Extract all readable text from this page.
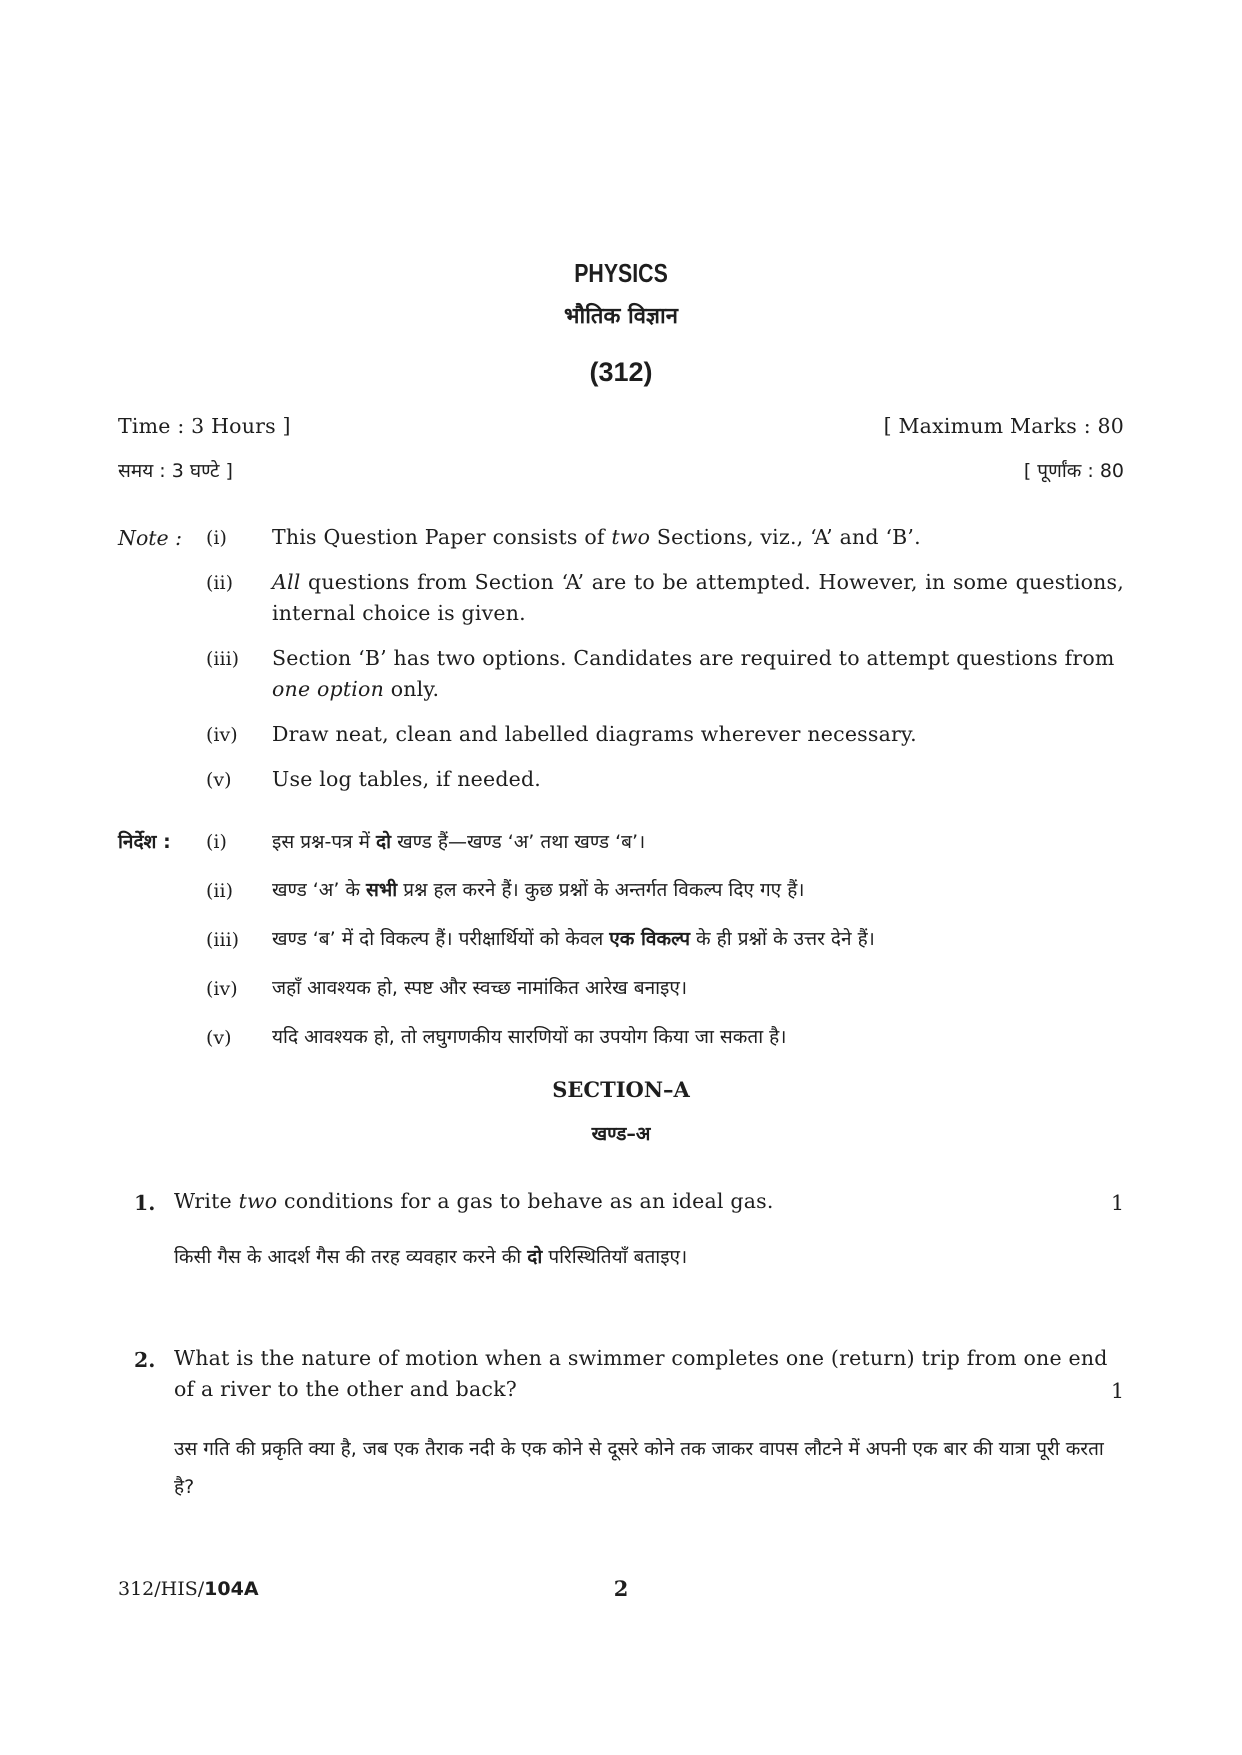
PHYSICS
भौतिक विज्ञान
(312)
Time : 3 Hours ]	[ Maximum Marks : 80
समय : 3 घण्टे ]	[ पूर्णांक : 80
Note : (i) This Question Paper consists of two Sections, viz., ‘A’ and ‘B’.
(ii) All questions from Section ‘A’ are to be attempted. However, in some questions, internal choice is given.
(iii) Section ‘B’ has two options. Candidates are required to attempt questions from one option only.
(iv) Draw neat, clean and labelled diagrams wherever necessary.
(v) Use log tables, if needed.
निर्देश : (i) इस प्रश्न-पत्र में दो खण्ड हैं—खण्ड ‘अ’ तथा खण्ड ‘ब’।
(ii) खण्ड ‘अ’ के सभी प्रश्न हल करने हैं। कुछ प्रश्नों के अन्तर्गत विकल्प दिए गए हैं।
(iii) खण्ड ‘ब’ में दो विकल्प हैं। परीक्षार्थियों को केवल एक विकल्प के ही प्रश्नों के उत्तर देने हैं।
(iv) जहाँ आवश्यक हो, स्पष्ट और स्वच्छ नामांकित आरेख बनाइए।
(v) यदि आवश्यक हो, तो लघुगणकीय सारणियों का उपयोग किया जा सकता है।
SECTION–A
खण्ड–अ
1. Write two conditions for a gas to behave as an ideal gas.	1
किसी गैस के आदर्श गैस की तरह व्यवहार करने की दो परिस्थितियाँ बताइए।
2. What is the nature of motion when a swimmer completes one (return) trip from one end of a river to the other and back?	1
उस गति की प्रकृति क्या है, जब एक तैराक नदी के एक कोने से दूसरे कोने तक जाकर वापस लौटने में अपनी एक बार की यात्रा पूरी करता है?
312/HIS/104A	2
